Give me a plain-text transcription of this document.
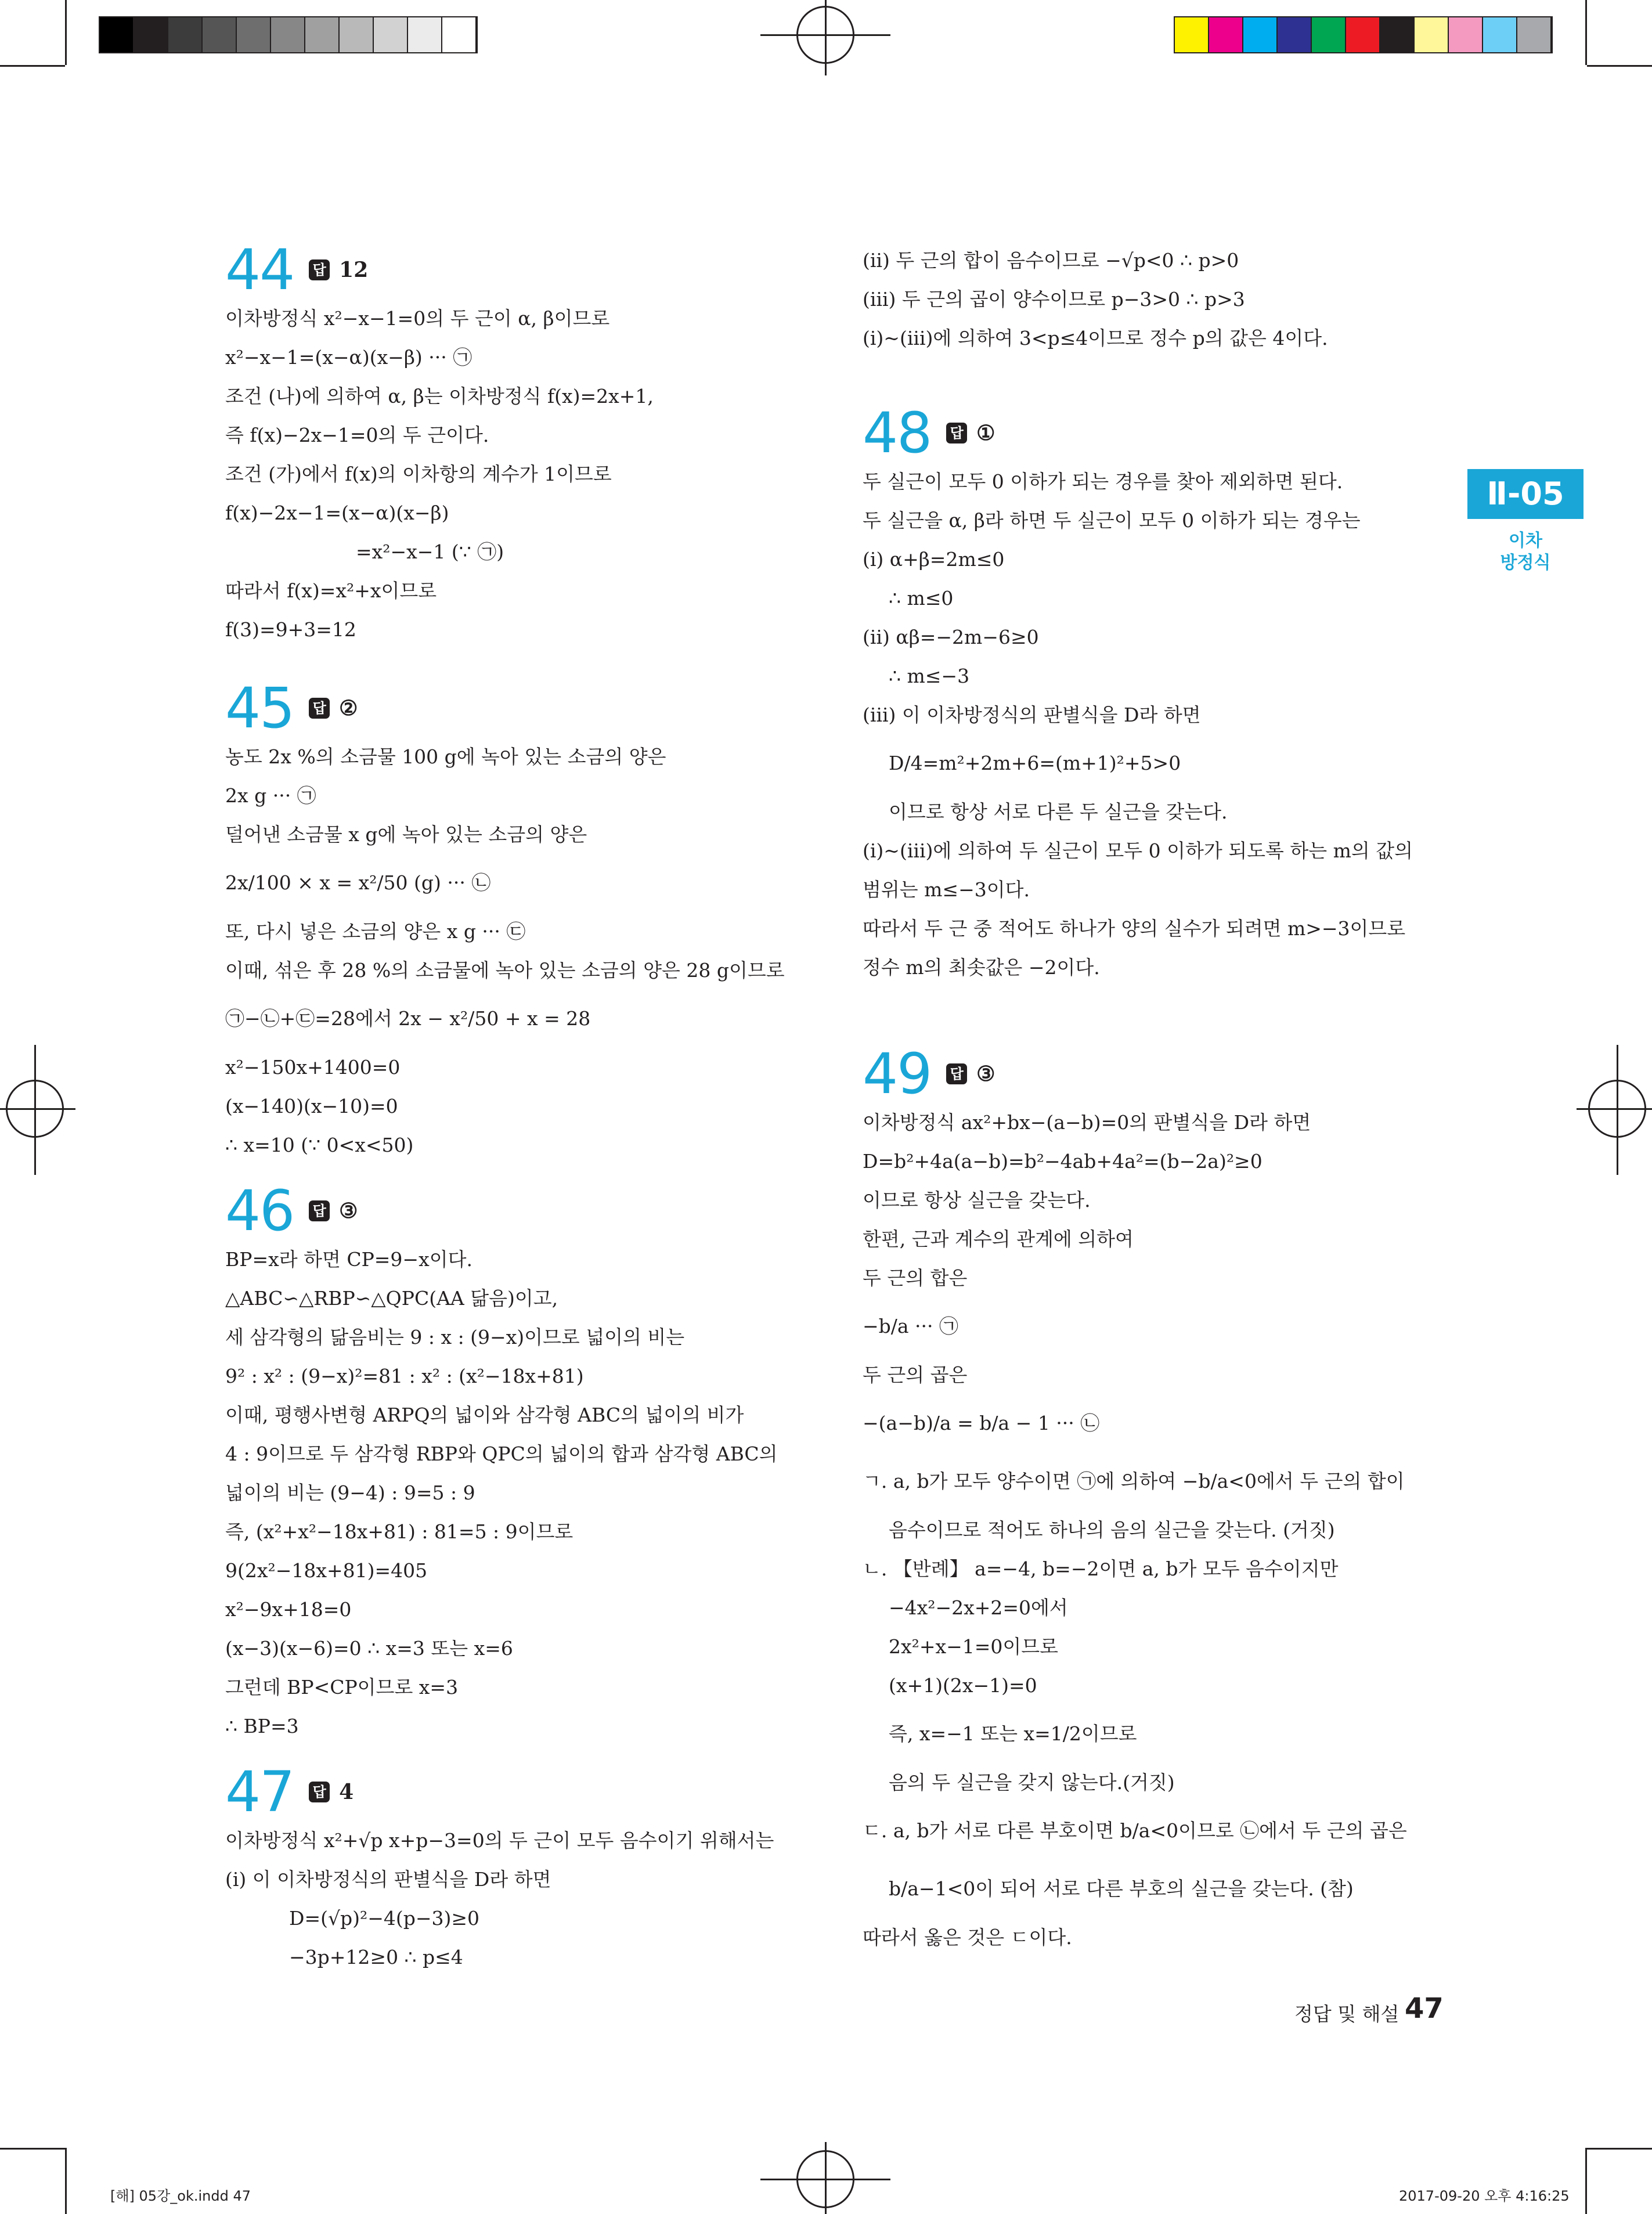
Ⅱ-05
이차
방정식
44 답 12
이차방정식 x²−x−1=0의 두 근이 α, β이므로
x²−x−1=(x−α)(x−β) ··· ㉠
조건 (나)에 의하여 α, β는 이차방정식 f(x)=2x+1,
즉 f(x)−2x−1=0의 두 근이다.
조건 (가)에서 f(x)의 이차항의 계수가 1이므로
f(x)−2x−1=(x−α)(x−β)
=x²−x−1 (∵ ㉠)
따라서 f(x)=x²+x이므로
f(3)=9+3=12
45 답 ②
농도 2x %의 소금물 100 g에 녹아 있는 소금의 양은
2x g ··· ㉠
덜어낸 소금물 x g에 녹아 있는 소금의 양은
2x/100 × x = x²/50 (g) ··· ㉡
또, 다시 넣은 소금의 양은 x g ··· ㉢
이때, 섞은 후 28 %의 소금물에 녹아 있는 소금의 양은 28 g이므로
㉠−㉡+㉢=28에서 2x − x²/50 + x = 28
x²−150x+1400=0
(x−140)(x−10)=0
∴ x=10 (∵ 0<x<50)
46 답 ③
BP=x라 하면 CP=9−x이다.
△ABC∽△RBP∽△QPC(AA 닮음)이고,
세 삼각형의 닮음비는 9 : x : (9−x)이므로 넓이의 비는
9² : x² : (9−x)²=81 : x² : (x²−18x+81)
이때, 평행사변형 ARPQ의 넓이와 삼각형 ABC의 넓이의 비가
4 : 9이므로 두 삼각형 RBP와 QPC의 넓이의 합과 삼각형 ABC의
넓이의 비는 (9−4) : 9=5 : 9
즉, (x²+x²−18x+81) : 81=5 : 9이므로
9(2x²−18x+81)=405
x²−9x+18=0
(x−3)(x−6)=0 ∴ x=3 또는 x=6
그런데 BP<CP이므로 x=3
∴ BP=3
47 답 4
이차방정식 x²+√p x+p−3=0의 두 근이 모두 음수이기 위해서는
(ⅰ) 이 이차방정식의 판별식을 D라 하면
D=(√p)²−4(p−3)≥0
−3p+12≥0 ∴ p≤4
(ⅱ) 두 근의 합이 음수이므로 −√p<0 ∴ p>0
(ⅲ) 두 근의 곱이 양수이므로 p−3>0 ∴ p>3
(ⅰ)~(ⅲ)에 의하여 3<p≤4이므로 정수 p의 값은 4이다.
48 답 ①
두 실근이 모두 0 이하가 되는 경우를 찾아 제외하면 된다.
두 실근을 α, β라 하면 두 실근이 모두 0 이하가 되는 경우는
(ⅰ) α+β=2m≤0
∴ m≤0
(ⅱ) αβ=−2m−6≥0
∴ m≤−3
(ⅲ) 이 이차방정식의 판별식을 D라 하면
D/4=m²+2m+6=(m+1)²+5>0
이므로 항상 서로 다른 두 실근을 갖는다.
(ⅰ)~(ⅲ)에 의하여 두 실근이 모두 0 이하가 되도록 하는 m의 값의
범위는 m≤−3이다.
따라서 두 근 중 적어도 하나가 양의 실수가 되려면 m>−3이므로
정수 m의 최솟값은 −2이다.
49 답 ③
이차방정식 ax²+bx−(a−b)=0의 판별식을 D라 하면
D=b²+4a(a−b)=b²−4ab+4a²=(b−2a)²≥0
이므로 항상 실근을 갖는다.
한편, 근과 계수의 관계에 의하여
두 근의 합은
−b/a ··· ㉠
두 근의 곱은
−(a−b)/a = b/a − 1 ··· ㉡
ㄱ. a, b가 모두 양수이면 ㉠에 의하여 −b/a<0에서 두 근의 합이
음수이므로 적어도 하나의 음의 실근을 갖는다. (거짓)
ㄴ. 【반례】 a=−4, b=−2이면 a, b가 모두 음수이지만
−4x²−2x+2=0에서
2x²+x−1=0이므로
(x+1)(2x−1)=0
즉, x=−1 또는 x=1/2이므로
음의 두 실근을 갖지 않는다.(거짓)
ㄷ. a, b가 서로 다른 부호이면 b/a<0이므로 ㉡에서 두 근의 곱은
b/a−1<0이 되어 서로 다른 부호의 실근을 갖는다. (참)
따라서 옳은 것은 ㄷ이다.
정답 및 해설 47
[해] 05강_ok.indd 47	2017-09-20 오후 4:16:25
